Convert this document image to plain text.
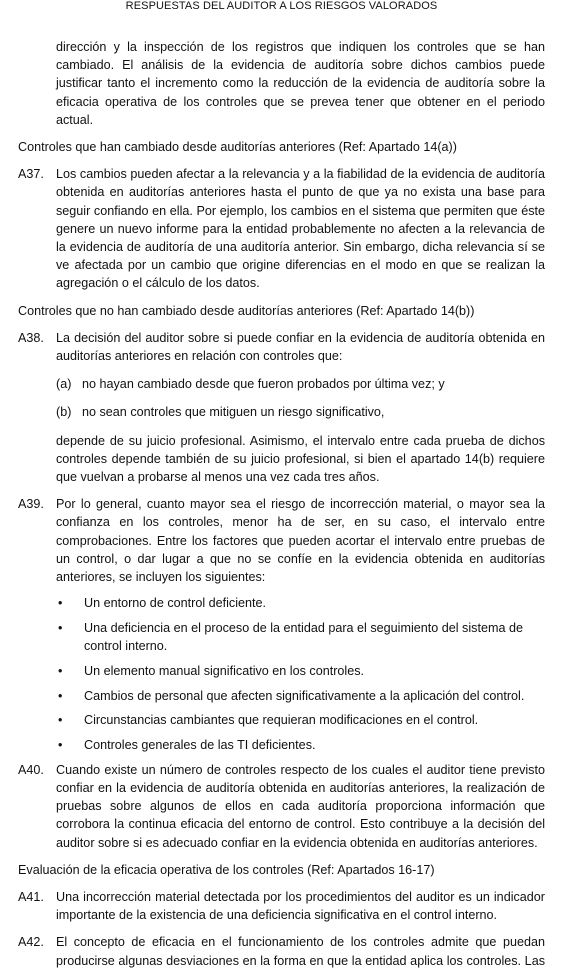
RESPUESTAS DEL AUDITOR A LOS RIESGOS VALORADOS

dirección y la inspección de los registros que indiquen los controles que se han cambiado. El análisis de la evidencia de auditoría sobre dichos cambios puede justificar tanto el incremento como la reducción de la evidencia de auditoría sobre la eficacia operativa de los controles que se prevea tener que obtener en el periodo actual.

Controles que han cambiado desde auditorías anteriores (Ref: Apartado 14(a))

A37. Los cambios pueden afectar a la relevancia y a la fiabilidad de la evidencia de auditoría obtenida en auditorías anteriores hasta el punto de que ya no exista una base para seguir confiando en ella. Por ejemplo, los cambios en el sistema que permiten que éste genere un nuevo informe para la entidad probablemente no afecten a la relevancia de la evidencia de auditoría de una auditoría anterior. Sin embargo, dicha relevancia sí se ve afectada por un cambio que origine diferencias en el modo en que se realizan la agregación o el cálculo de los datos.

Controles que no han cambiado desde auditorías anteriores (Ref: Apartado 14(b))

A38. La decisión del auditor sobre si puede confiar en la evidencia de auditoría obtenida en auditorías anteriores en relación con controles que:

(a) no hayan cambiado desde que fueron probados por última vez; y
(b) no sean controles que mitiguen un riesgo significativo,

depende de su juicio profesional. Asimismo, el intervalo entre cada prueba de dichos controles depende también de su juicio profesional, si bien el apartado 14(b) requiere que vuelvan a probarse al menos una vez cada tres años.

A39. Por lo general, cuanto mayor sea el riesgo de incorrección material, o mayor sea la confianza en los controles, menor ha de ser, en su caso, el intervalo entre comprobaciones. Entre los factores que pueden acortar el intervalo entre pruebas de un control, o dar lugar a que no se confíe en la evidencia obtenida en auditorías anteriores, se incluyen los siguientes:

•	Un entorno de control deficiente.
•	Una deficiencia en el proceso de la entidad para el seguimiento del sistema de control interno.
•	Un elemento manual significativo en los controles.
•	Cambios de personal que afecten significativamente a la aplicación del control.
•	Circunstancias cambiantes que requieran modificaciones en el control.
•	Controles generales de las TI deficientes.
A40. Cuando existe un número de controles respecto de los cuales el auditor tiene previsto confiar en la evidencia de auditoría obtenida en auditorías anteriores, la realización de pruebas sobre algunos de ellos en cada auditoría proporciona información que corrobora la continua eficacia del entorno de control. Esto contribuye a la decisión del auditor sobre si es adecuado confiar en la evidencia obtenida en auditorías anteriores.

Evaluación de la eficacia operativa de los controles (Ref: Apartados 16-17)

A41. Una incorrección material detectada por los procedimientos del auditor es un indicador importante de la existencia de una deficiencia significativa en el control interno.

A42. El concepto de eficacia en el funcionamiento de los controles admite que puedan producirse algunas desviaciones en la forma en que la entidad aplica los controles. Las
